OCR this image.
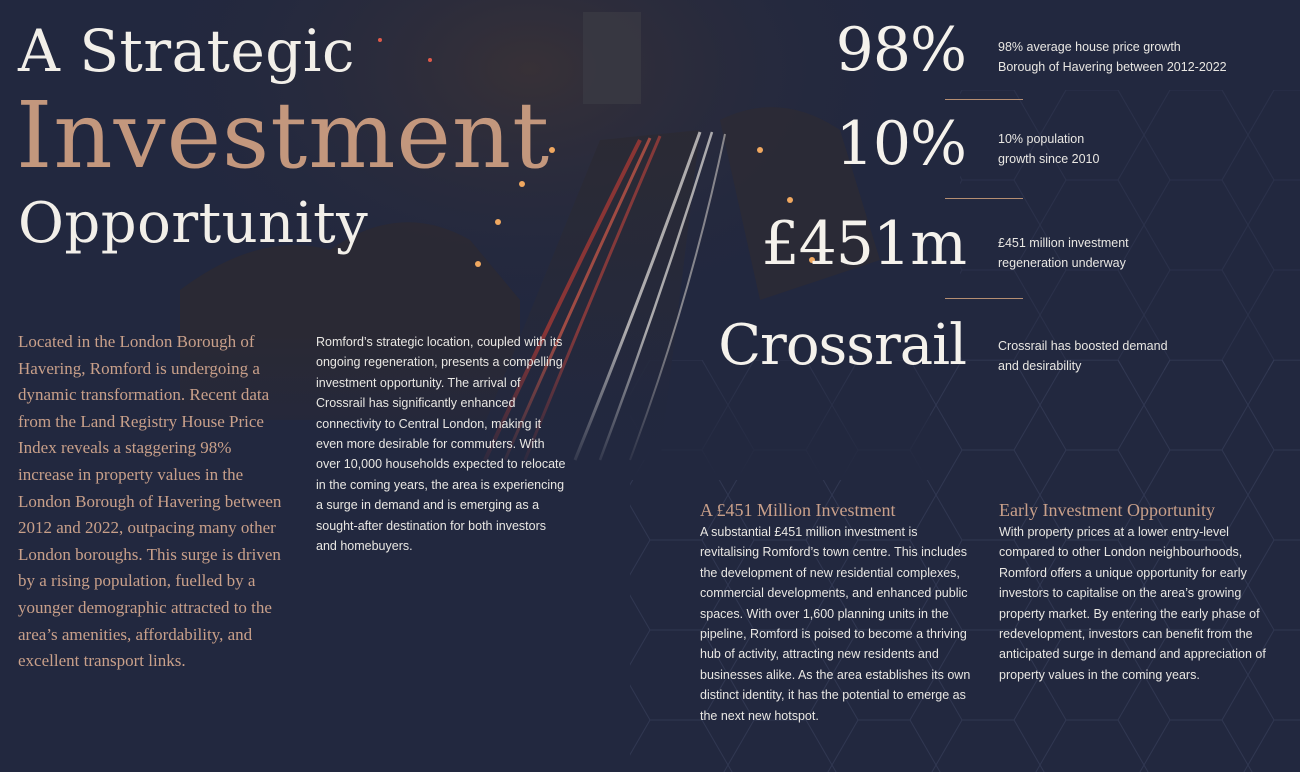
A Strategic
Investment
Opportunity

Located in the London Borough of Havering, Romford is undergoing a dynamic transformation. Recent data from the Land Registry House Price Index reveals a staggering 98% increase in property values in the London Borough of Havering between 2012 and 2022, outpacing many other London boroughs. This surge is driven by a rising population, fuelled by a younger demographic attracted to the area’s amenities, affordability, and excellent transport links.

Romford’s strategic location, coupled with its ongoing regeneration, presents a compelling investment opportunity. The arrival of Crossrail has significantly enhanced connectivity to Central London, making it even more desirable for commuters. With over 10,000 households expected to relocate in the coming years, the area is experiencing a surge in demand and is emerging as a sought-after destination for both investors and homebuyers.

98%	98% average house price growth
Borough of Havering between 2012-2022

10%	10% population
growth since 2010

£451m	£451 million investment
regeneration underway

Crossrail	Crossrail has boosted demand
and desirability

A £451 Million Investment

A substantial £451 million investment is revitalising Romford’s town centre. This includes the development of new residential complexes, commercial developments, and enhanced public spaces. With over 1,600 planning units in the pipeline, Romford is poised to become a thriving hub of activity, attracting new residents and businesses alike. As the area establishes its own distinct identity, it has the potential to emerge as the next new hotspot.

Early Investment Opportunity

With property prices at a lower entry-level compared to other London neighbourhoods, Romford offers a unique opportunity for early investors to capitalise on the area’s growing property market. By entering the early phase of redevelopment, investors can benefit from the anticipated surge in demand and appreciation of property values in the coming years.
